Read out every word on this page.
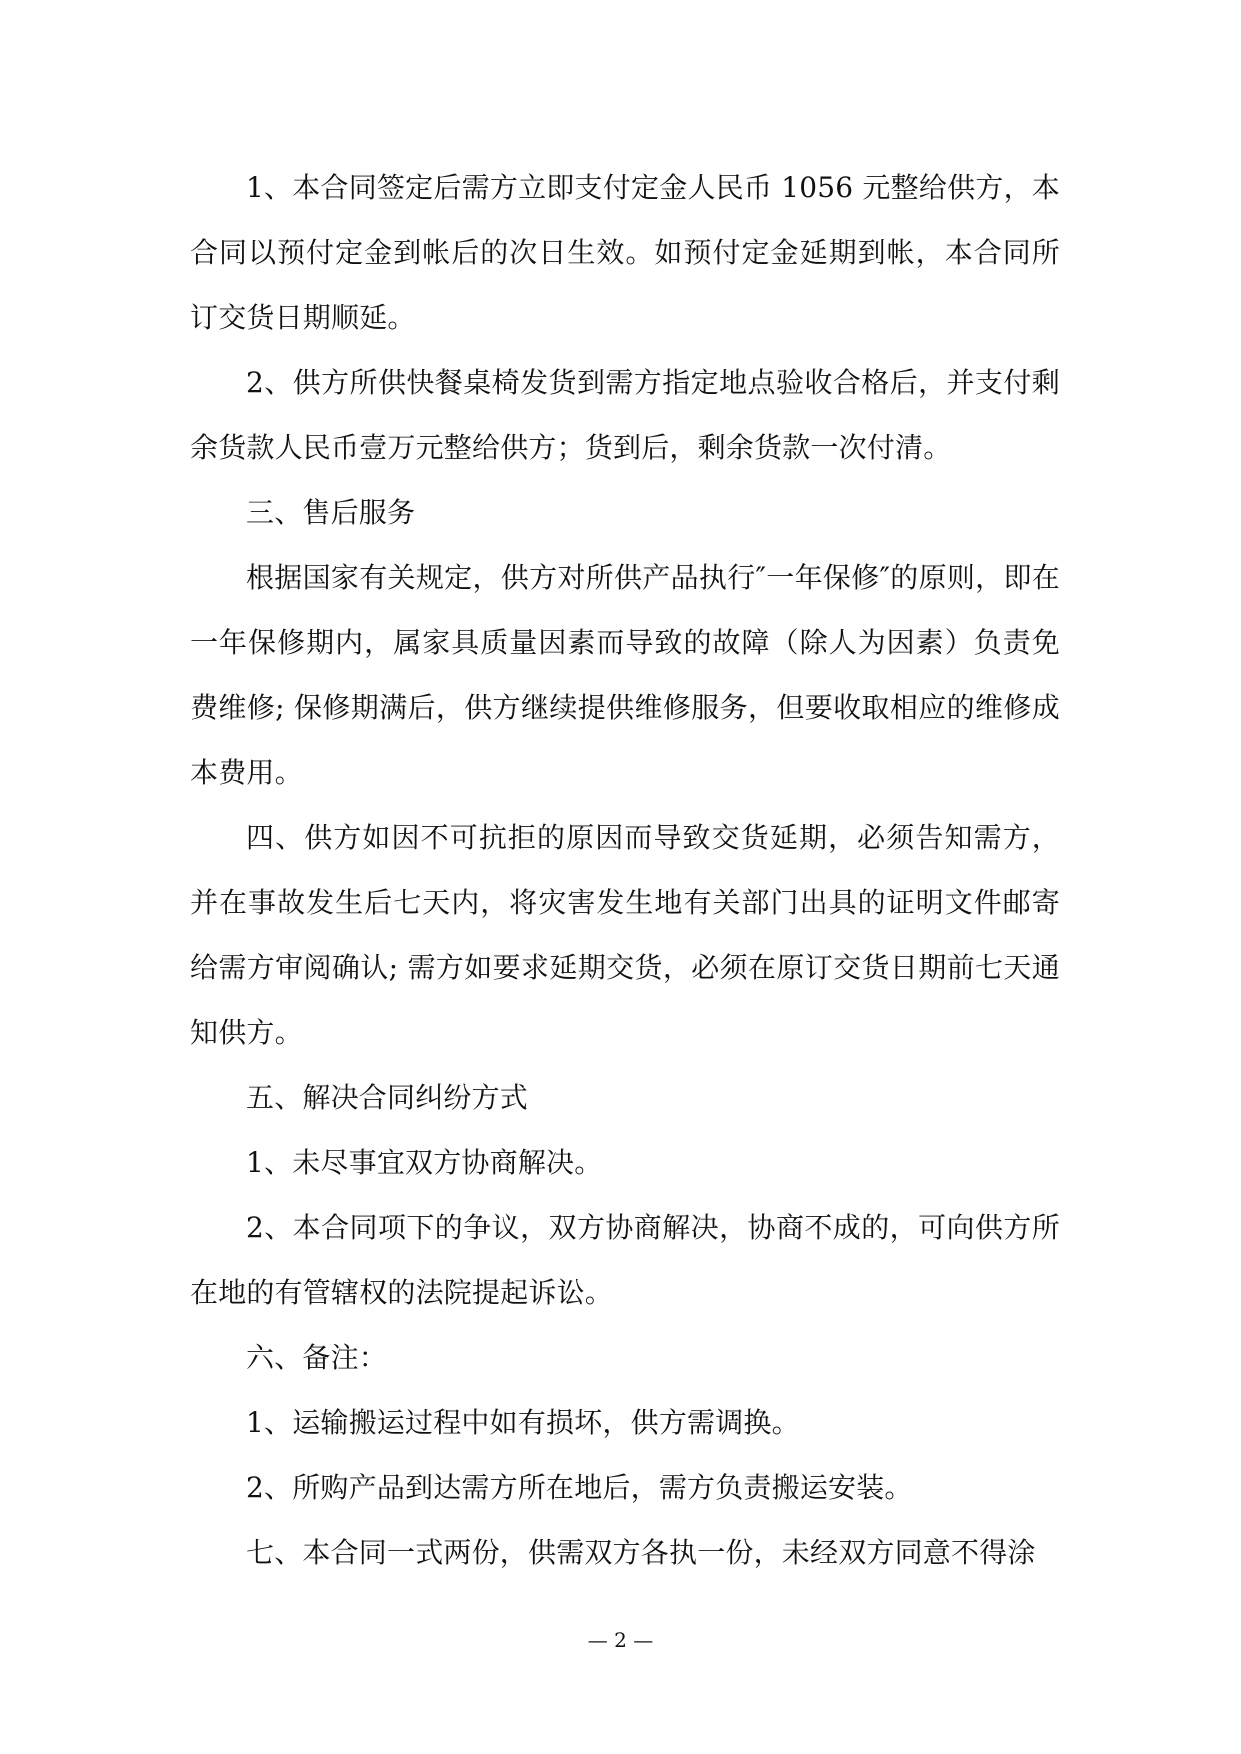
1、本合同签定后需方立即支付定金人民币 1056 元整给供方，本合同以预付定金到帐后的次日生效。如预付定金延期到帐，本合同所订交货日期顺延。

2、供方所供快餐桌椅发货到需方指定地点验收合格后，并支付剩余货款人民币壹万元整给供方；货到后，剩余货款一次付清。

三、售后服务

根据国家有关规定，供方对所供产品执行″一年保修″的原则，即在一年保修期内，属家具质量因素而导致的故障（除人为因素）负责免费维修; 保修期满后，供方继续提供维修服务，但要收取相应的维修成本费用。

四、供方如因不可抗拒的原因而导致交货延期，必须告知需方，并在事故发生后七天内，将灾害发生地有关部门出具的证明文件邮寄给需方审阅确认; 需方如要求延期交货，必须在原订交货日期前七天通知供方。

五、解决合同纠纷方式

1、未尽事宜双方协商解决。

2、本合同项下的争议，双方协商解决，协商不成的，可向供方所在地的有管辖权的法院提起诉讼。

六、备注：

1、运输搬运过程中如有损坏，供方需调换。

2、所购产品到达需方所在地后，需方负责搬运安装。

七、本合同一式两份，供需双方各执一份，未经双方同意不得涂

— 2 —
